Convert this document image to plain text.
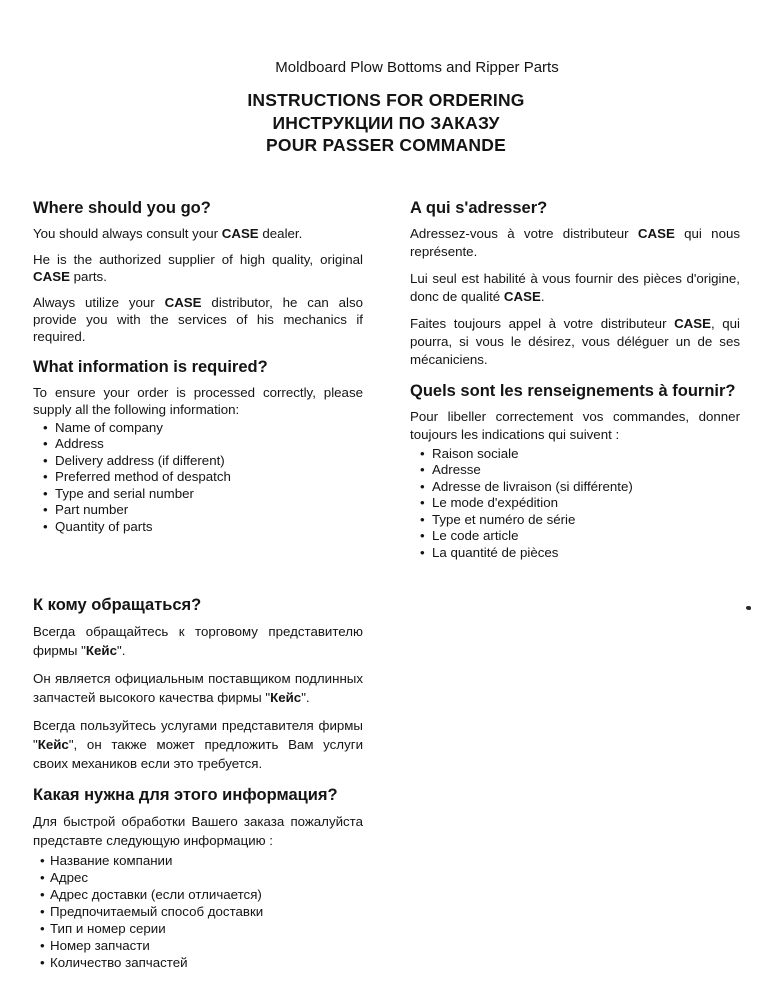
Moldboard Plow Bottoms and Ripper Parts
INSTRUCTIONS FOR ORDERING
ИНСТРУКЦИИ ПО ЗАКАЗУ
POUR PASSER COMMANDE
Where should you go?

You should always consult your CASE dealer.

He is the authorized supplier of high quality, original CASE parts.

Always utilize your CASE distributor, he can also provide you with the services of his mechanics if required.

What information is required?

To ensure your order is processed correctly, please supply all the following information:

• Name of company
• Address
• Delivery address (if different)
• Preferred method of despatch
• Type and serial number
• Part number
• Quantity of parts
К кому обращаться?

Всегда обращайтесь к торговому представителю фирмы "Кейс".

Он является официальным поставщиком подлинных запчастей высокого качества фирмы "Кейс".

Всегда пользуйтесь услугами представителя фирмы "Кейс", он также может предложить Вам услуги своих механиков если это требуется.

Какая нужна для этого информация?

Для быстрой обработки Вашего заказа пожалуйста представте следующую информацию :

• Название компании
• Адрес
• Адрес доставки (если отличается)
• Предпочитаемый способ доставки
• Тип и номер серии
• Номер запчасти
• Количество запчастей
A qui s'adresser?

Adressez-vous à votre distributeur CASE qui nous représente.

Lui seul est habilité à vous fournir des pièces d'origine, donc de qualité CASE.

Faites toujours appel à votre distributeur CASE, qui pourra, si vous le désirez, vous déléguer un de ses mécaniciens.

Quels sont les renseignements à fournir?

Pour libeller correctement vos commandes, donner toujours les indications qui suivent :

• Raison sociale
• Adresse
• Adresse de livraison (si différente)
• Le mode d'expédition
• Type et numéro de série
• Le code article
• La quantité de pièces
